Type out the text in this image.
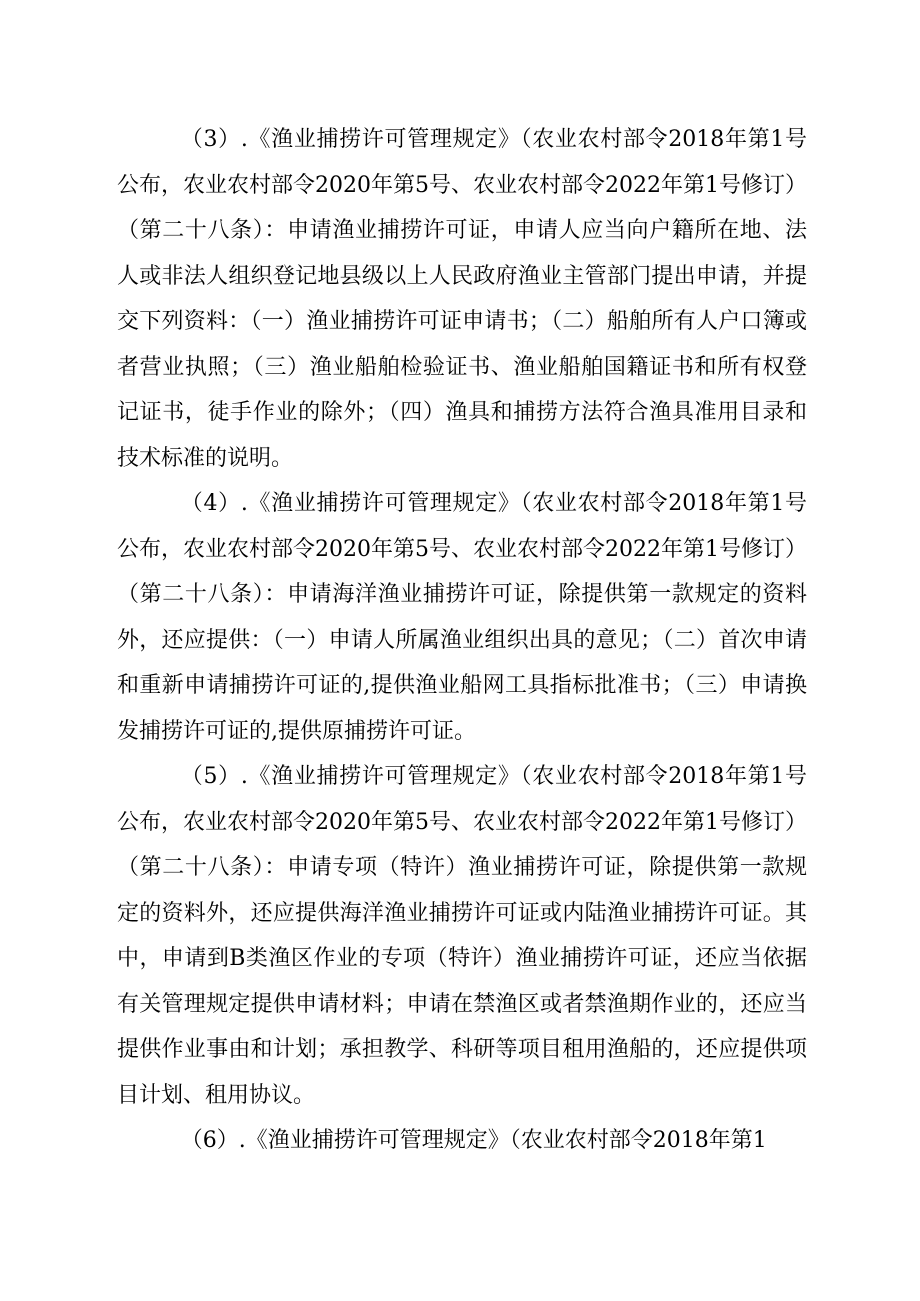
（3）.《渔业捕捞许可管理规定》（农业农村部令2018年第1号公布，农业农村部令2020年第5号、农业农村部令2022年第1号修订）（第二十八条）：申请渔业捕捞许可证，申请人应当向户籍所在地、法人或非法人组织登记地县级以上人民政府渔业主管部门提出申请，并提交下列资料：（一）渔业捕捞许可证申请书；（二）船舶所有人户口簿或者营业执照；（三）渔业船舶检验证书、渔业船舶国籍证书和所有权登记证书，徒手作业的除外；（四）渔具和捕捞方法符合渔具准用目录和技术标准的说明。

（4）.《渔业捕捞许可管理规定》（农业农村部令2018年第1号公布，农业农村部令2020年第5号、农业农村部令2022年第1号修订）（第二十八条）：申请海洋渔业捕捞许可证，除提供第一款规定的资料外，还应提供：（一）申请人所属渔业组织出具的意见；（二）首次申请和重新申请捕捞许可证的,提供渔业船网工具指标批准书；（三）申请换发捕捞许可证的,提供原捕捞许可证。

（5）.《渔业捕捞许可管理规定》（农业农村部令2018年第1号公布，农业农村部令2020年第5号、农业农村部令2022年第1号修订）（第二十八条）：申请专项（特许）渔业捕捞许可证，除提供第一款规定的资料外，还应提供海洋渔业捕捞许可证或内陆渔业捕捞许可证。其中，申请到B类渔区作业的专项（特许）渔业捕捞许可证，还应当依据有关管理规定提供申请材料；申请在禁渔区或者禁渔期作业的，还应当提供作业事由和计划；承担教学、科研等项目租用渔船的，还应提供项目计划、租用协议。

（6）.《渔业捕捞许可管理规定》（农业农村部令2018年第1
